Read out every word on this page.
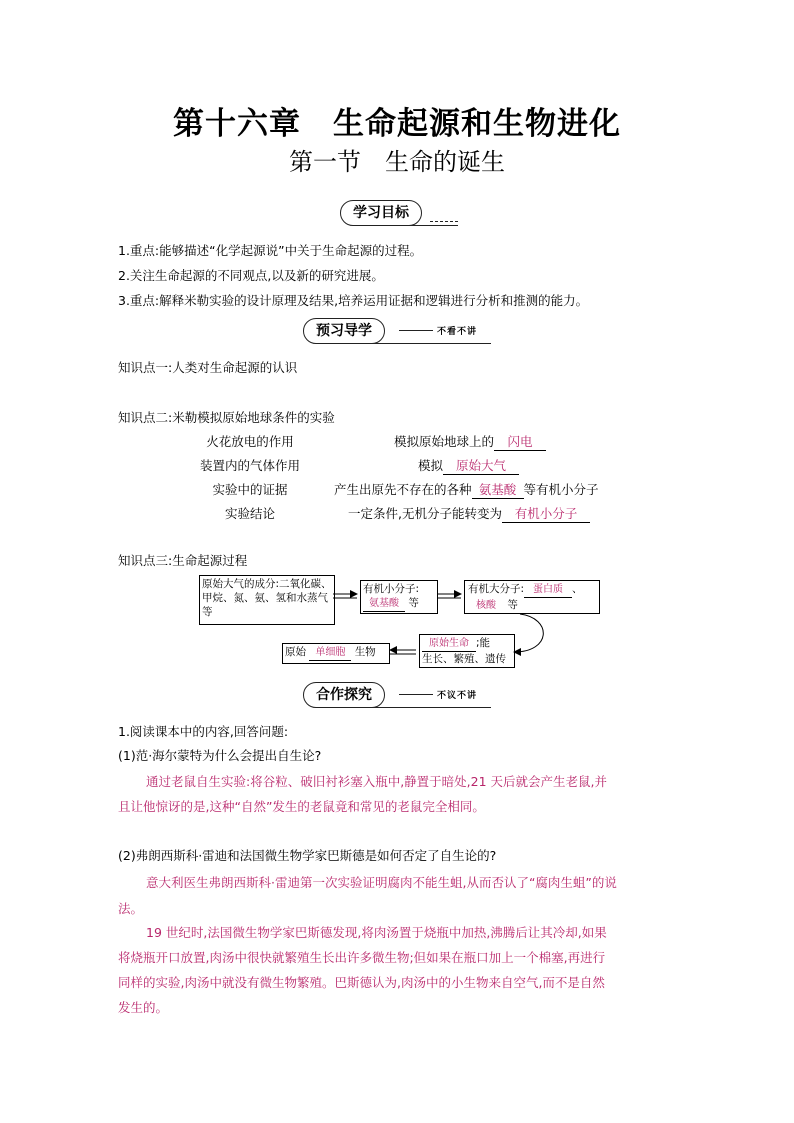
第十六章　生命起源和生物进化
第一节　生命的诞生
学习目标
1.重点:能够描述“化学起源说”中关于生命起源的过程。
2.关注生命起源的不同观点,以及新的研究进展。
3.重点:解释米勒实验的设计原理及结果,培养运用证据和逻辑进行分析和推测的能力。
预习导学	不看不讲
知识点一:人类对生命起源的认识
知识点二:米勒模拟原始地球条件的实验
火花放电的作用	模拟原始地球上的 闪电
装置内的气体作用	模拟 原始大气
实验中的证据	产生出原先不存在的各种 氨基酸 等有机小分子
实验结论	一定条件,无机分子能转变为 有机小分子
知识点三:生命起源过程
原始大气的成分:二氧化碳、甲烷、氮、氨、氢和水蒸气等
有机小分子:
氨基酸 等
有机大分子: 蛋白质 、
核酸 等
原始生命 ;能
生长、繁殖、遗传
原始 单细胞 生物
合作探究	不议不讲
1.阅读课本中的内容,回答问题:
(1)范·海尔蒙特为什么会提出自生论?
通过老鼠自生实验:将谷粒、破旧衬衫塞入瓶中,静置于暗处,21 天后就会产生老鼠,并
且让他惊讶的是,这种“自然”发生的老鼠竟和常见的老鼠完全相同。
(2)弗朗西斯科·雷迪和法国微生物学家巴斯德是如何否定了自生论的?
意大利医生弗朗西斯科·雷迪第一次实验证明腐肉不能生蛆,从而否认了“腐肉生蛆”的说
法。
19 世纪时,法国微生物学家巴斯德发现,将肉汤置于烧瓶中加热,沸腾后让其冷却,如果
将烧瓶开口放置,肉汤中很快就繁殖生长出许多微生物;但如果在瓶口加上一个棉塞,再进行
同样的实验,肉汤中就没有微生物繁殖。巴斯德认为,肉汤中的小生物来自空气,而不是自然
发生的。
